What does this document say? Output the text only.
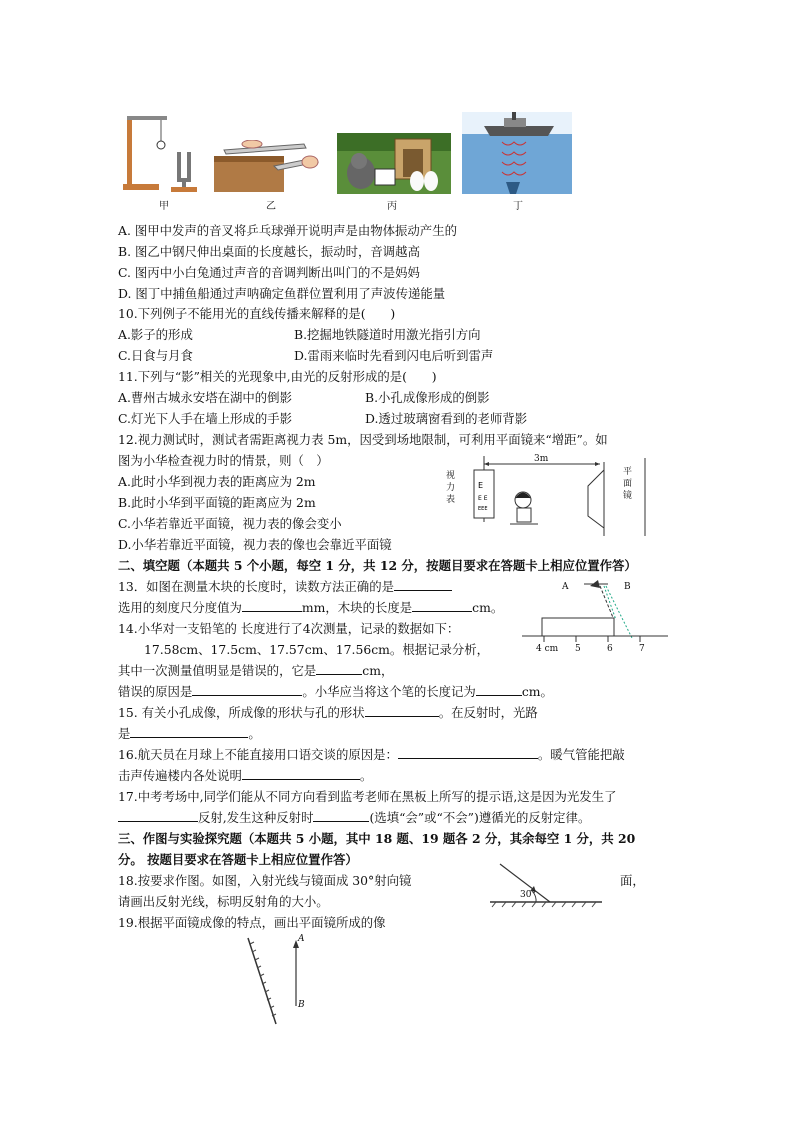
甲	乙	丙	丁
A. 图甲中发声的音叉将乒乓球弹开说明声是由物体振动产生的
B. 图乙中钢尺伸出桌面的长度越长，振动时，音调越高
C. 图丙中小白兔通过声音的音调判断出叫门的不是妈妈
D. 图丁中捕鱼船通过声呐确定鱼群位置利用了声波传递能量
10.下列例子不能用光的直线传播来解释的是(　　)
A.影子的形成	B.挖掘地铁隧道时用激光指引方向
C.日食与月食	D.雷雨来临时先看到闪电后听到雷声
11.下列与“影”相关的光现象中,由光的反射形成的是(　　)
A.曹州古城永安塔在湖中的倒影	B.小孔成像形成的倒影
C.灯光下人手在墙上形成的手影	D.透过玻璃窗看到的老师背影
12.视力测试时，测试者需距离视力表 5m，因受到场地限制，可利用平面镜来“增距”。如
图为小华检查视力时的情景，则（　）
A.此时小华到视力表的距离应为 2m
B.此时小华到平面镜的距离应为 2m
C.小华若靠近平面镜，视力表的像会变小
D.小华若靠近平面镜，视力表的像也会靠近平面镜
E
E E
EEE
3m
视力表
平面镜
二、填空题（本题共 5 个小题，每空 1 分，共 12 分，按题目要求在答题卡上相应位置作答）
13．如图在测量木块的长度时，读数方法正确的是
选用的刻度尺分度值为	mm，木块的长度是	cm。
A	B
4 cm 5	6	7
14.小华对一支铅笔的 长度进行了4次测量，记录的数据如下：
17.58cm、17.5cm、17.57cm、17.56cm。根据记录分析，
其中一次测量值明显是错误的，它是	cm，
错误的原因是	。小华应当将这个笔的长度记为	cm。
15. 有关小孔成像，所成像的形状与孔的形状	。在反射时，光路
是	。
16.航天员在月球上不能直接用口语交谈的原因是：	。暖气管能把敲
击声传遍楼内各处说明	。
17.中考考场中,同学们能从不同方向看到监考老师在黑板上所写的提示语,这是因为光发生了
反射,发生这种反射时	(选填“会”或“不会”)遵循光的反射定律。
三、作图与实验探究题（本题共 5 小题，其中 18 题、19 题各 2 分，其余每空 1 分，共 20
分。 按题目要求在答题卡上相应位置作答）
18.按要求作图。如图，入射光线与镜面成 30°射向镜	面，
请画出反射光线，标明反射角的大小。	30°
19.根据平面镜成像的特点，画出平面镜所成的像
A
B
